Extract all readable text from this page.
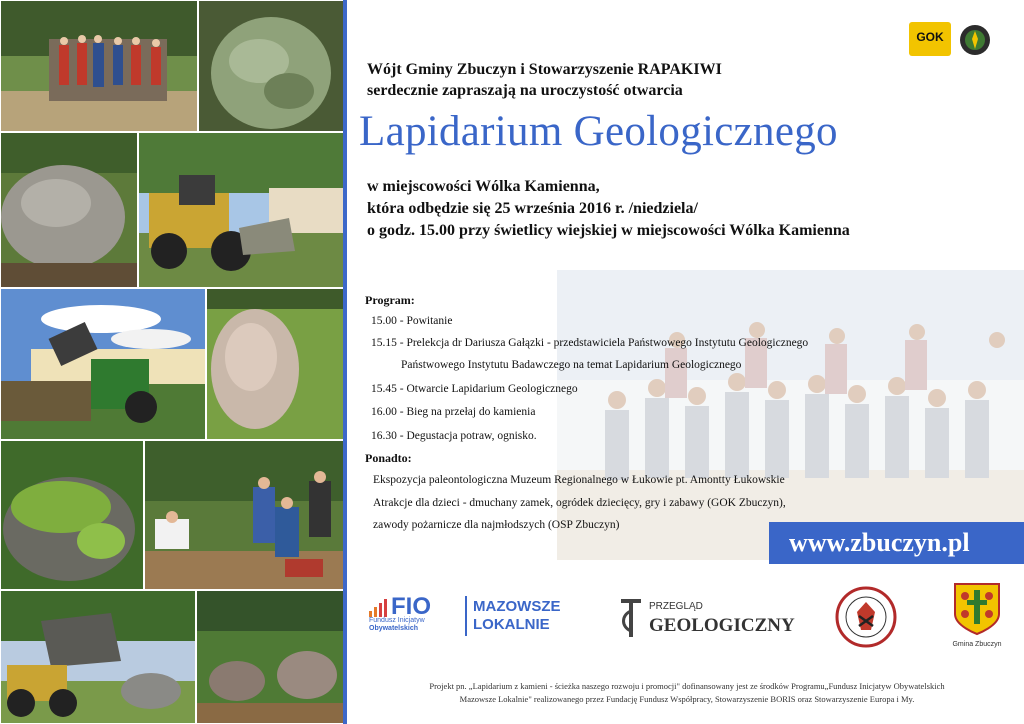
GOK
Wójt Gminy Zbuczyn i Stowarzyszenie RAPAKIWI
serdecznie zapraszają na uroczystość otwarcia
Lapidarium Geologicznego
w miejscowości Wólka Kamienna,
która odbędzie się 25 września 2016 r. /niedziela/
o godz. 15.00 przy świetlicy wiejskiej w miejscowości Wólka Kamienna
Program:
15.00 - Powitanie
15.15 - Prelekcja dr Dariusza Gałązki - przedstawiciela Państwowego Instytutu Geologicznego
Państwowego Instytutu Badawczego na temat Lapidarium Geologicznego
15.45 - Otwarcie Lapidarium Geologicznego
16.00 - Bieg na przełaj do kamienia
16.30 - Degustacja potraw, ognisko.
Ponadto:
Ekspozycja paleontologiczna Muzeum Regionalnego w Łukowie pt. Amontty Łukowskie
Atrakcje dla dzieci - dmuchany zamek, ogródek dziecięcy, gry i zabawy (GOK Zbuczyn),
zawody pożarnicze dla najmłodszych (OSP Zbuczyn)
www.zbuczyn.pl
FIO
Fundusz Inicjatyw
Obywatelskich
MAZOWSZE
LOKALNIE
PRZEGLĄD
GEOLOGICZNY
Gmina Zbuczyn
Projekt pn. „Lapidarium z kamieni - ścieżka naszego rozwoju i promocji" dofinansowany jest ze środków Programu„Fundusz Inicjatyw Obywatelskich
Mazowsze Lokalnie" realizowanego przez Fundację Fundusz Współpracy, Stowarzyszenie BORIS oraz Stowarzyszenie Europa i My.
